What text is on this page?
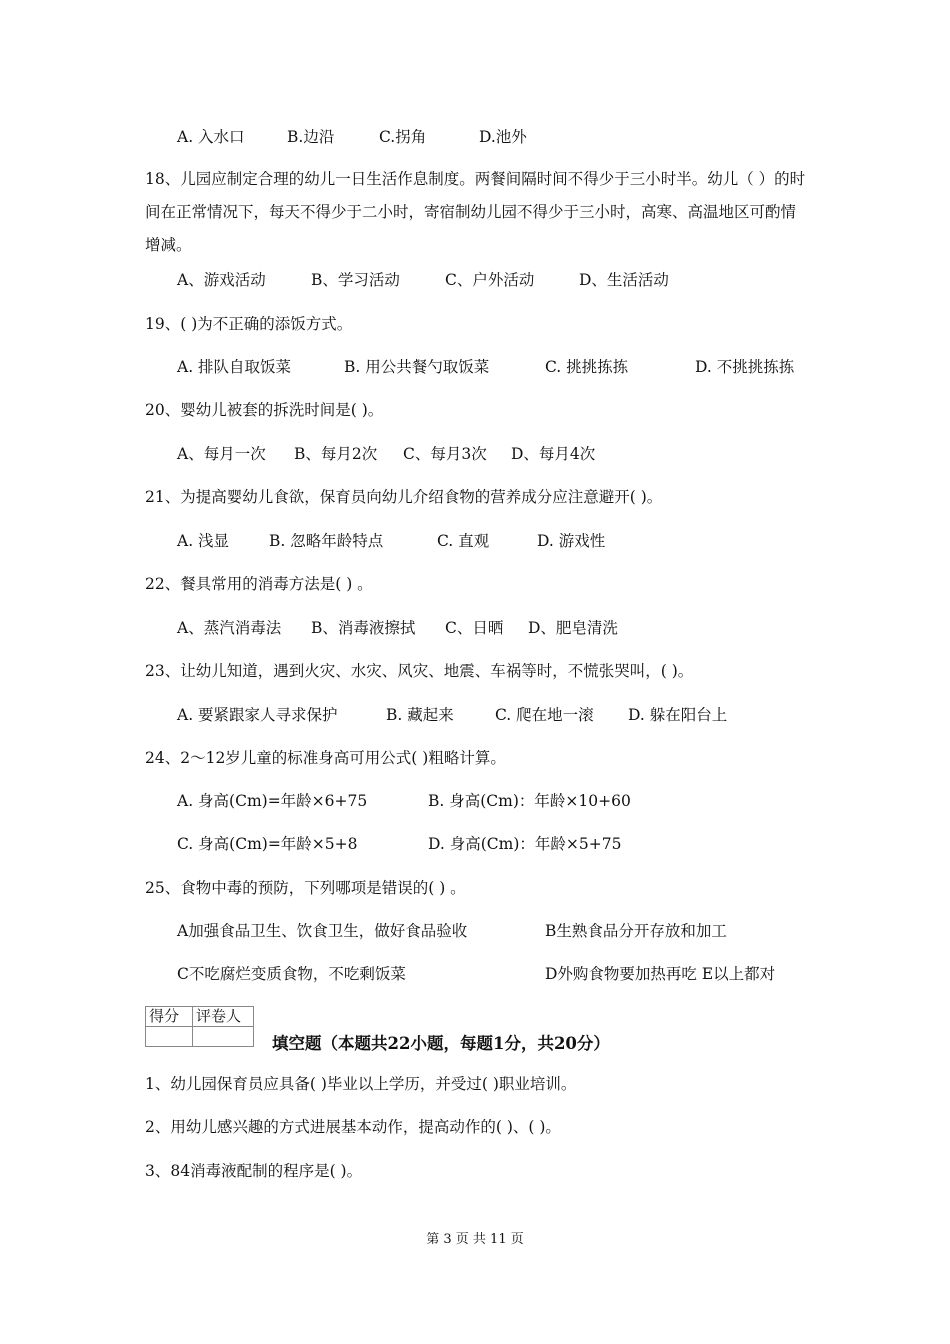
A. 入水口	B.边沿	C.拐角	D.池外
18、儿园应制定合理的幼儿一日生活作息制度。两餐间隔时间不得少于三小时半。幼儿（ ）的时间在正常情况下，每天不得少于二小时，寄宿制幼儿园不得少于三小时，高寒、高温地区可酌情增减。
A、游戏活动	B、学习活动	C、户外活动	D、生活活动
19、( )为不正确的添饭方式。
A. 排队自取饭菜	B. 用公共餐勺取饭菜	C. 挑挑拣拣	D. 不挑挑拣拣
20、婴幼儿被套的拆洗时间是( )。
A、每月一次 B、每月2次 C、每月3次 D、每月4次
21、为提高婴幼儿食欲，保育员向幼儿介绍食物的营养成分应注意避开( )。
A. 浅显	B. 忽略年龄特点	C. 直观	D. 游戏性
22、餐具常用的消毒方法是( ) 。
A、蒸汽消毒法 B、消毒液擦拭 C、日晒 D、肥皂清洗
23、让幼儿知道，遇到火灾、水灾、风灾、地震、车祸等时，不慌张哭叫，( )。
A. 要紧跟家人寻求保护	B. 藏起来	C. 爬在地一滚 D. 躲在阳台上
24、2～12岁儿童的标准身高可用公式( )粗略计算。
A. 身高(Cm)=年龄×6+75	B. 身高(Cm)：年龄×10+60
C. 身高(Cm)=年龄×5+8	D. 身高(Cm)：年龄×5+75
25、食物中毒的预防，下列哪项是错误的( ) 。
A加强食品卫生、饮食卫生，做好食品验收	B生熟食品分开存放和加工
C不吃腐烂变质食物，不吃剩饭菜	D外购食物要加热再吃 E以上都对
得分	评卷人

填空题（本题共22小题，每题1分，共20分）
1、幼儿园保育员应具备( )毕业以上学历，并受过( )职业培训。
2、用幼儿感兴趣的方式进展基本动作，提高动作的( )、( )。
3、84消毒液配制的程序是( )。
第 3 页 共 11 页
